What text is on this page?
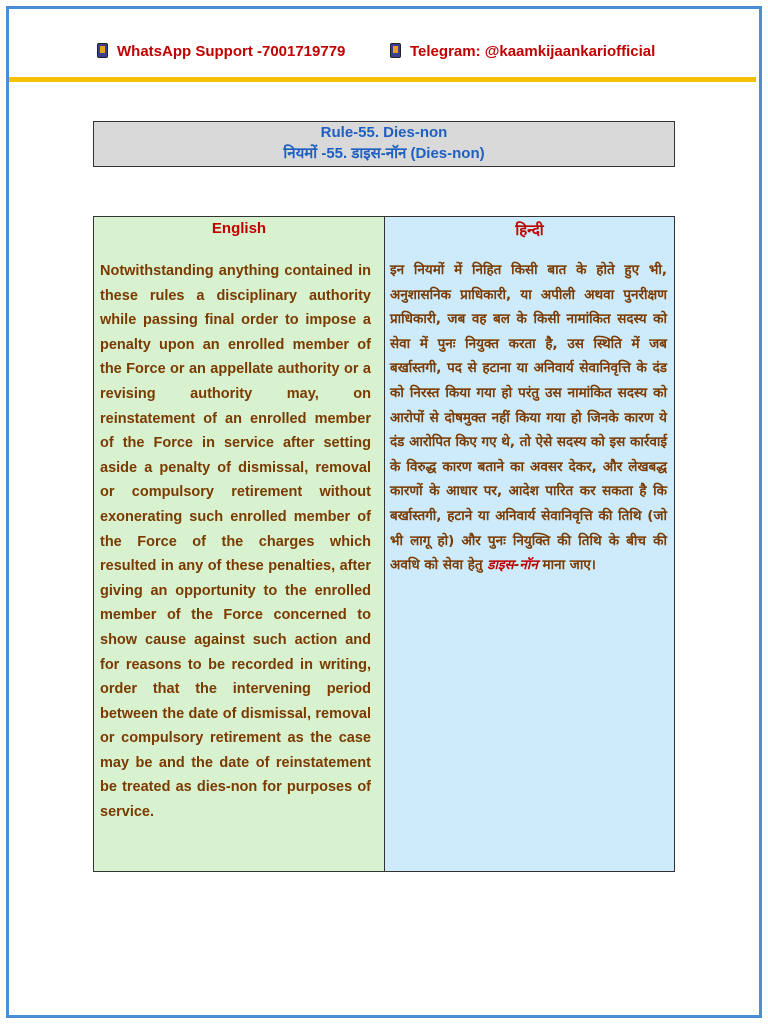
WhatsApp Support -7001719779	Telegram: @kaamkijaankariofficial
Rule-55. Dies-non
नियमों -55. डाइस-नॉन (Dies-non)
English

Notwithstanding anything contained in these rules a disciplinary authority while passing final order to impose a penalty upon an enrolled member of the Force or an appellate authority or a revising authority may, on reinstatement of an enrolled member of the Force in service after setting aside a penalty of dismissal, removal or compulsory retirement without exonerating such enrolled member of the Force of the charges which resulted in any of these penalties, after giving an opportunity to the enrolled member of the Force concerned to show cause against such action and for reasons to be recorded in writing, order that the intervening period between the date of dismissal, removal or compulsory retirement as the case may be and the date of reinstatement be treated as dies-non for purposes of service.

हिन्दी

इन नियमों में निहित किसी बात के होते हुए भी, अनुशासनिक प्राधिकारी, या अपीली अथवा पुनरीक्षण प्राधिकारी, जब वह बल के किसी नामांकित सदस्य को सेवा में पुनः नियुक्त करता है, उस स्थिति में जब बर्खास्तगी, पद से हटाना या अनिवार्य सेवानिवृत्ति के दंड को निरस्त किया गया हो परंतु उस नामांकित सदस्य को आरोपों से दोषमुक्त नहीं किया गया हो जिनके कारण ये दंड आरोपित किए गए थे, तो ऐसे सदस्य को इस कार्रवाई के विरुद्ध कारण बताने का अवसर देकर, और लेखबद्ध कारणों के आधार पर, आदेश पारित कर सकता है कि बर्खास्तगी, हटाने या अनिवार्य सेवानिवृत्ति की तिथि (जो भी लागू हो) और पुनः नियुक्ति की तिथि के बीच की अवधि को सेवा हेतु डाइस-नॉन माना जाए।
